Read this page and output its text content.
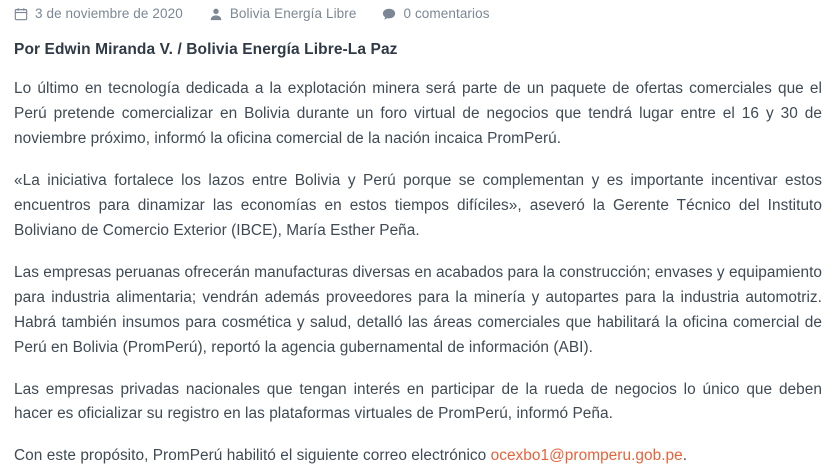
3 de noviembre de 2020	Bolivia Energía Libre	0 comentarios

Por Edwin Miranda V. / Bolivia Energía Libre-La Paz

Lo último en tecnología dedicada a la explotación minera será parte de un paquete de ofertas comerciales que el Perú pretende comercializar en Bolivia durante un foro virtual de negocios que tendrá lugar entre el 16 y 30 de noviembre próximo, informó la oficina comercial de la nación incaica PromPerú.

«La iniciativa fortalece los lazos entre Bolivia y Perú porque se complementan y es importante incentivar estos encuentros para dinamizar las economías en estos tiempos difíciles», aseveró la Gerente Técnico del Instituto Boliviano de Comercio Exterior (IBCE), María Esther Peña.

Las empresas peruanas ofrecerán manufacturas diversas en acabados para la construcción; envases y equipamiento para industria alimentaria; vendrán además proveedores para la minería y autopartes para la industria automotriz. Habrá también insumos para cosmética y salud, detalló las áreas comerciales que habilitará la oficina comercial de Perú en Bolivia (PromPerú), reportó la agencia gubernamental de información (ABI).

Las empresas privadas nacionales que tengan interés en participar de la rueda de negocios lo único que deben hacer es oficializar su registro en las plataformas virtuales de PromPerú, informó Peña.

Con este propósito, PromPerú habilitó el siguiente correo electrónico ocexbo1@promperu.gob.pe.
